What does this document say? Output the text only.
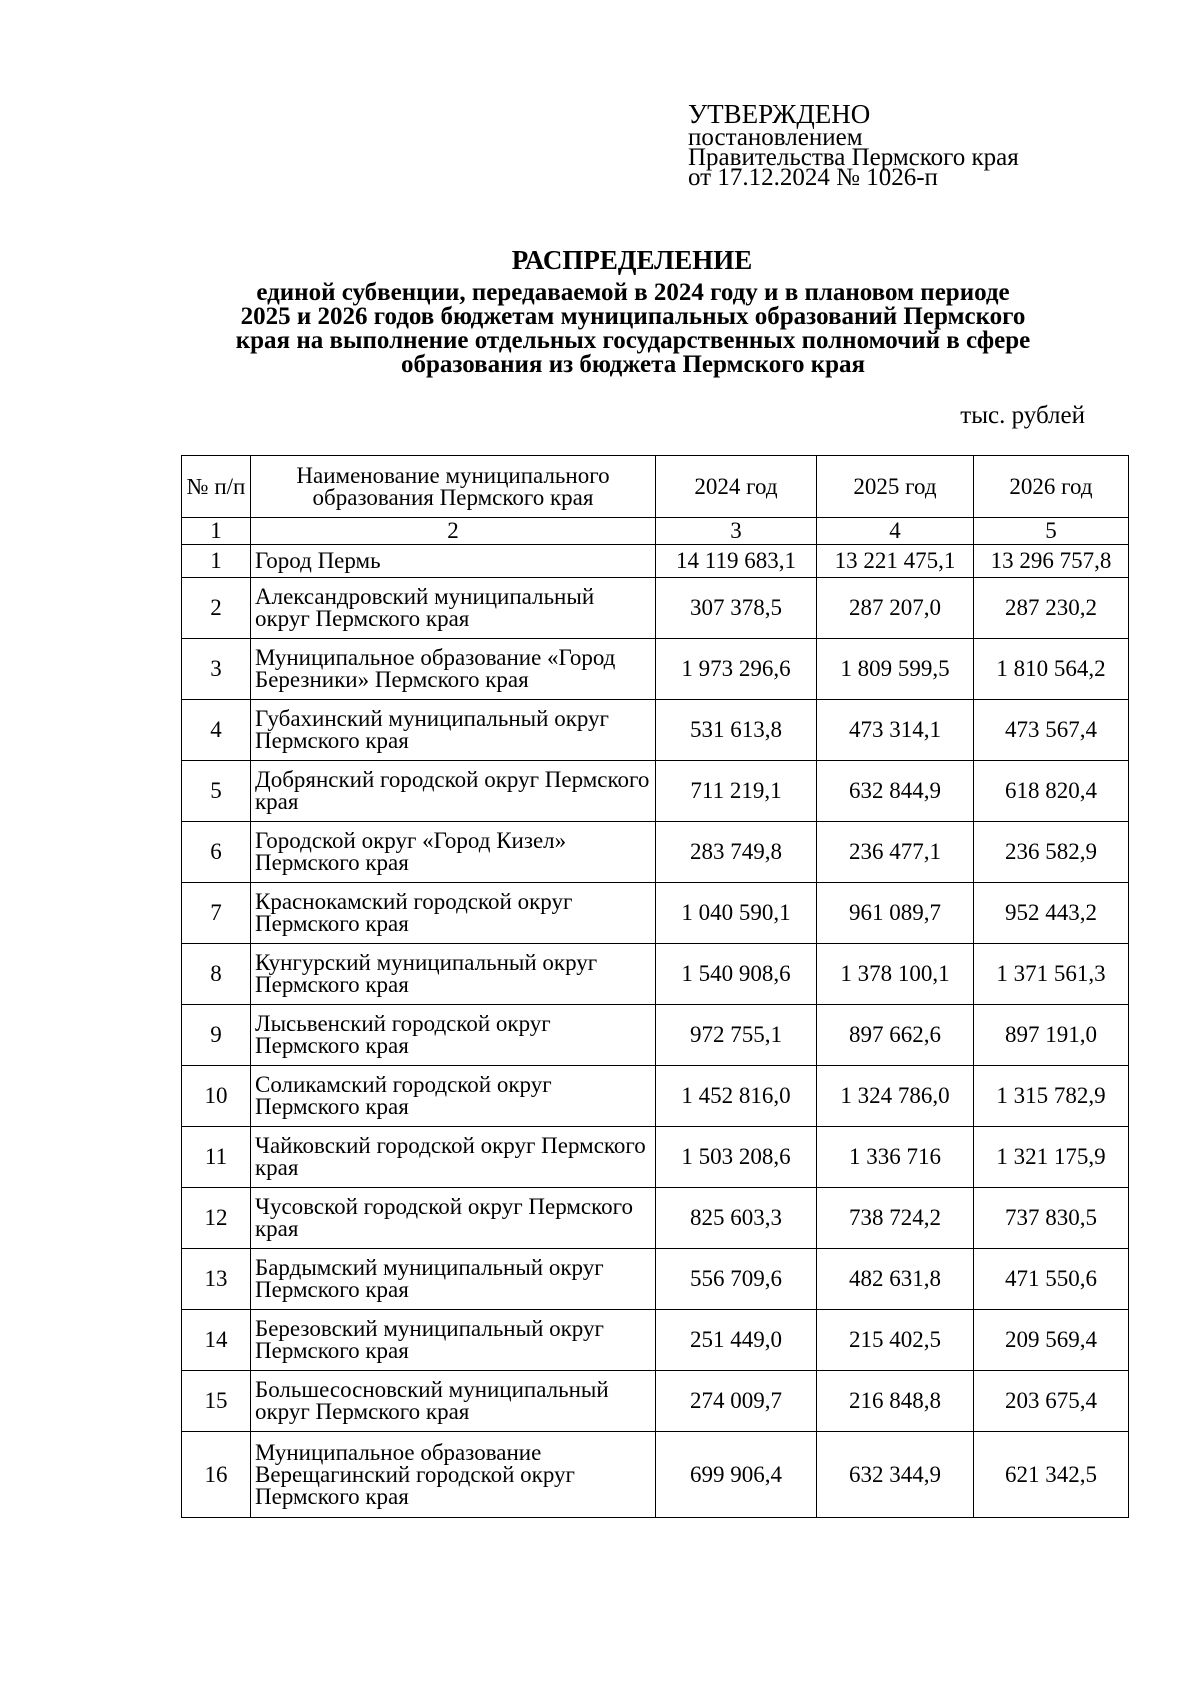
УТВЕРЖДЕНО
постановлением
Правительства Пермского края
от 17.12.2024 № 1026-п
РАСПРЕДЕЛЕНИЕ
единой субвенции, передаваемой в 2024 году и в плановом периоде
2025 и 2026 годов бюджетам муниципальных образований Пермского
края на выполнение отдельных государственных полномочий в сфере
образования из бюджета Пермского края
тыс. рублей
№ п/п	Наименование муниципального образования Пермского края	2024 год	2025 год	2026 год
1	2	3	4	5
1	Город Пермь	14 119 683,1	13 221 475,1	13 296 757,8
2	Александровский муниципальный округ Пермского края	307 378,5	287 207,0	287 230,2
3	Муниципальное образование «Город Березники» Пермского края	1 973 296,6	1 809 599,5	1 810 564,2
4	Губахинский муниципальный округ Пермского края	531 613,8	473 314,1	473 567,4
5	Добрянский городской округ Пермского края	711 219,1	632 844,9	618 820,4
6	Городской округ «Город Кизел» Пермского края	283 749,8	236 477,1	236 582,9
7	Краснокамский городской округ Пермского края	1 040 590,1	961 089,7	952 443,2
8	Кунгурский муниципальный округ Пермского края	1 540 908,6	1 378 100,1	1 371 561,3
9	Лысьвенский городской округ Пермского края	972 755,1	897 662,6	897 191,0
10	Соликамский городской округ Пермского края	1 452 816,0	1 324 786,0	1 315 782,9
11	Чайковский городской округ Пермского края	1 503 208,6	1 336 716	1 321 175,9
12	Чусовской городской округ Пермского края	825 603,3	738 724,2	737 830,5
13	Бардымский муниципальный округ Пермского края	556 709,6	482 631,8	471 550,6
14	Березовский муниципальный округ Пермского края	251 449,0	215 402,5	209 569,4
15	Большесосновский муниципальный округ Пермского края	274 009,7	216 848,8	203 675,4
16	Муниципальное образование Верещагинский городской округ Пермского края	699 906,4	632 344,9	621 342,5
